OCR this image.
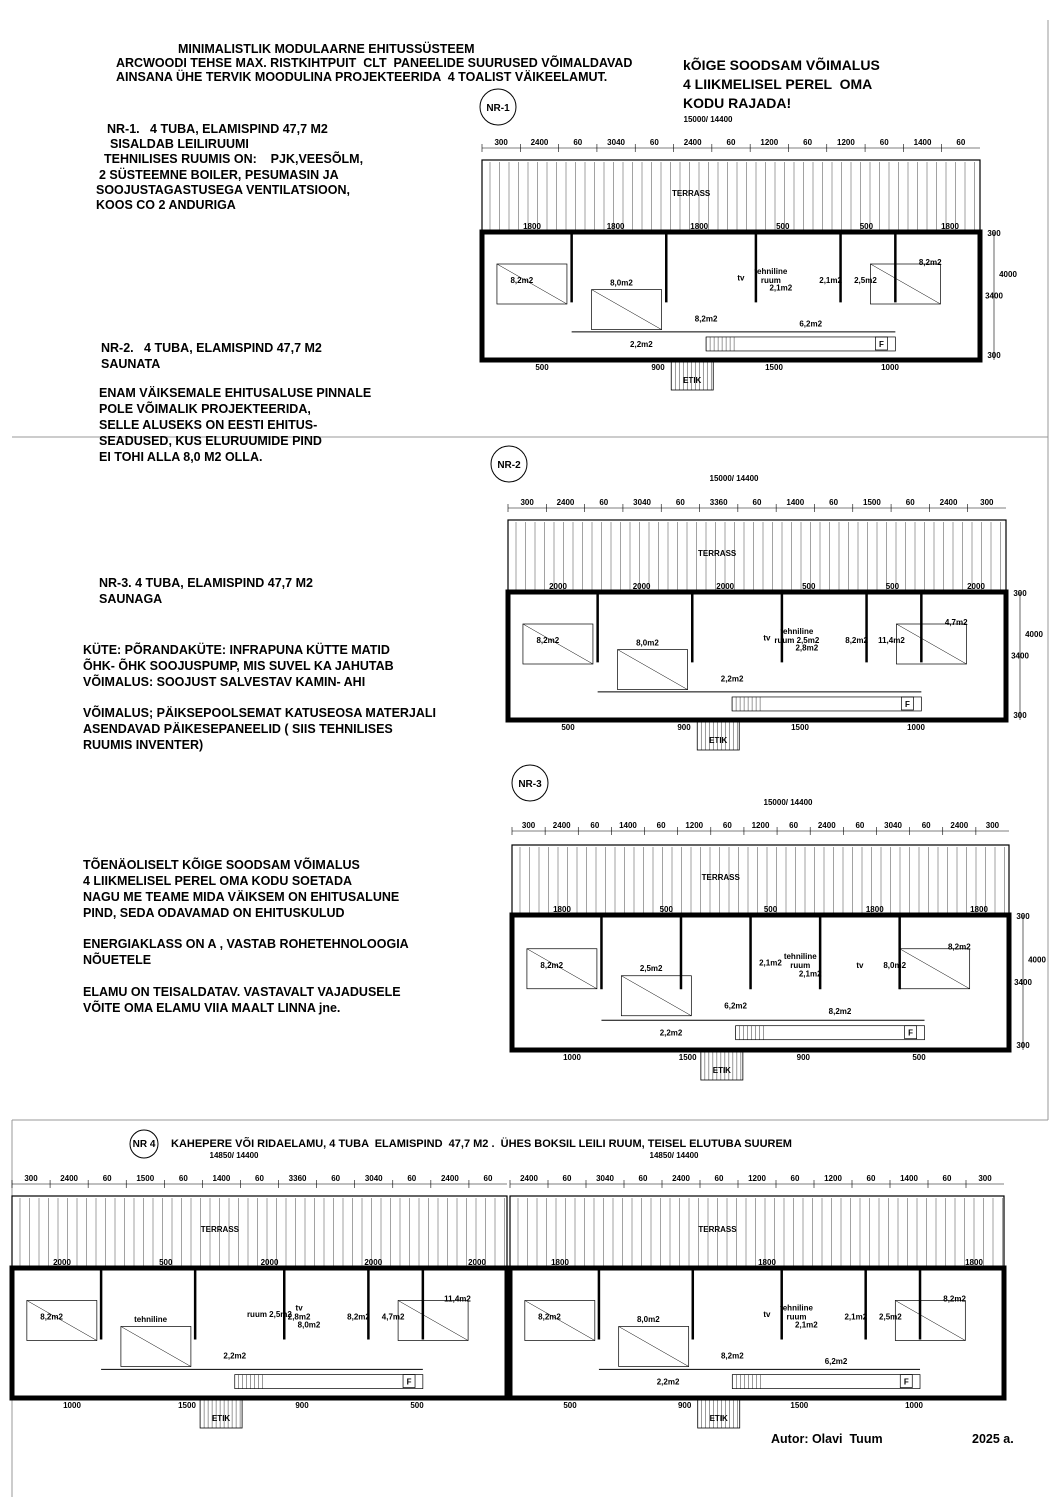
MINIMALISTLIK MODULAARNE EHITUSSÜSTEEM
ARCWOODI TEHSE MAX. RISTKIHTPUIT  CLT  PANEELIDE SUURUSED VÕIMALDAVAD
AINSANA ÜHE TERVIK MOODULINA PROJEKTEERIDA  4 TOALIST VÄIKEELAMUT.
kÕIGE SOODSAM VÕIMALUS
4 LIIKMELISEL PEREL  OMA
KODU RAJADA!
NR-1.   4 TUBA, ELAMISPIND 47,7 M2
SISALDAB LEILIRUUMI
TEHNILISES RUUMIS ON:    PJK,VEESÕLM,
2 SÜSTEEMNE BOILER, PESUMASIN JA
SOOJUSTAGASTUSEGA VENTILATSIOON,
KOOS CO 2 ANDURIGA
NR-2.   4 TUBA, ELAMISPIND 47,7 M2
SAUNATA
ENAM VÄIKSEMALE EHITUSALUSE PINNALE
POLE VÕIMALIK PROJEKTEERIDA,
SELLE ALUSEKS ON EESTI EHITUS-
SEADUSED, KUS ELURUUMIDE PIND
EI TOHI ALLA 8,0 M2 OLLA.
NR-3. 4 TUBA, ELAMISPIND 47,7 M2
SAUNAGA
KÜTE: PÕRANDAKÜTE: INFRAPUNA KÜTTE MATID
ÕHK- ÕHK SOOJUSPUMP, MIS SUVEL KA JAHUTAB
VÕIMALUS: SOOJUST SALVESTAV KAMIN- AHI
VÕIMALUS; PÄIKSEPOOLSEMAT KATUSEOSA MATERJALI
ASENDAVAD PÄIKESEPANEELID ( SIIS TEHNILISES
RUUMIS INVENTER)
TÕENÄOLISELT KÕIGE SOODSAM VÕIMALUS
4 LIIKMELISEL PEREL OMA KODU SOETADA
NAGU ME TEAME MIDA VÄIKSEM ON EHITUSALUNE
PIND, SEDA ODAVAMAD ON EHITUSKULUD
ENERGIAKLASS ON A , VASTAB ROHETEHNOLOOGIA
NÕUETELE
ELAMU ON TEISALDATAV. VASTAVALT VAJADUSELE
VÕITE OMA ELAMU VIIA MAALT LINNA jne.
KAHEPERE VÕI RIDAELAMU, 4 TUBA  ELAMISPIND  47,7 M2 .  ÜHES BOKSIL LEILI RUUM, TEISEL ELUTUBA SUUREM
Autor: Olavi  Tuum	2025 a.
300	2400	60	3040	60	2400	60	1200	60	1200	60	1400	60
15000/ 14400
TERRASS
1800	1800	1800	500	500	1800
8,2m2	8,0m2
tv
tehniline
ruum
2,1m2
2,1m2 2,5m2
8,2m2
8,2m2
6,2m2
2,2m2	F
500	900	1500	1000
ETIK
300
4000
3400
300
NR-1
300	2400	60	3040	60	3360	60	1400	60	1500	60	2400	300
15000/ 14400
TERRASS
2000	2000	2000	500	500	2000
8,2m2	8,0m2
tv
tehniline
ruum 2,5m2
2,8m2
8,2m2 11,4m2
4,7m2
2,2m2
F
500	900	1500	1000
ETIK
300
4000
3400
300
NR-2
300 2400 60 1400 60 1200 60 1200 60 2400 60 3040 60 2400 300
15000/ 14400
TERRASS
1800	500	500	1800	1800
8,2m2	2,5m2
2,1m2
tehniline
ruum
2,1m2
tv 8,0m2
8,2m2
6,2m2
8,2m2
2,2m2	F
1000	1500	900	500
ETIK
300
4000
3400
300
NR-3
300	2400	60	1500	60	1400	60	3360	60	3040	60	2400	60
14850/ 14400
TERRASS
2000	500	2000	2000	2000
8,2m2	tehniline
ruum 2,5m2
tv
2,8m2
8,0m2
8,2m2 4,7m2
11,4m2
2,2m2
F
1000	1500	900	500
ETIK
2400	60	3040	60	2400	60	1200	60	1200	60	1400	60	300
14850/ 14400
TERRASS
1800	1800	1800
8,2m2	8,0m2
tv
tehniline
ruum
2,1m2
2,1m2 2,5m2
8,2m2
8,2m2
6,2m2
2,2m2	F
500	900	1500	1000
ETIK
NR 4
